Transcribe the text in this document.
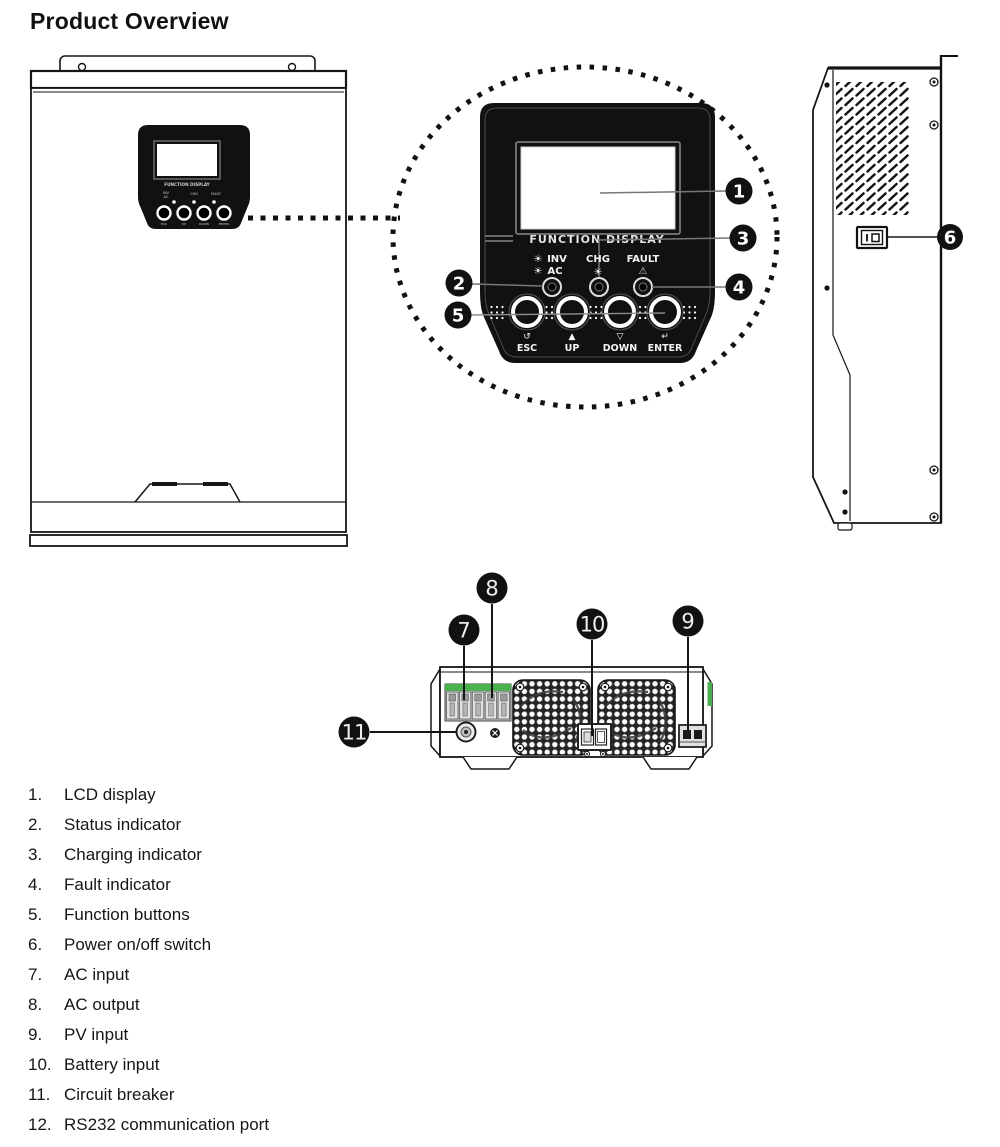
Product Overview
FUNCTION DISPLAY
INV
AC
CHG	FAULT
ESC	UP	DOWN	ENTER
FUNCTION DISPLAY
☀ INV
☀ AC
CHG
☀
FAULT
⚠
↺	▲	▽	↵
ESC	UP DOWN ENTER
1
3
4
2
5
6
7
8
10	9
11
1.	LCD display
2.	Status indicator
3.	Charging indicator
4.	Fault indicator
5.	Function buttons
6.	Power on/off switch
7.	AC input
8.	AC output
9.	PV input
10. Battery input
11. Circuit breaker
12. RS232 communication port
